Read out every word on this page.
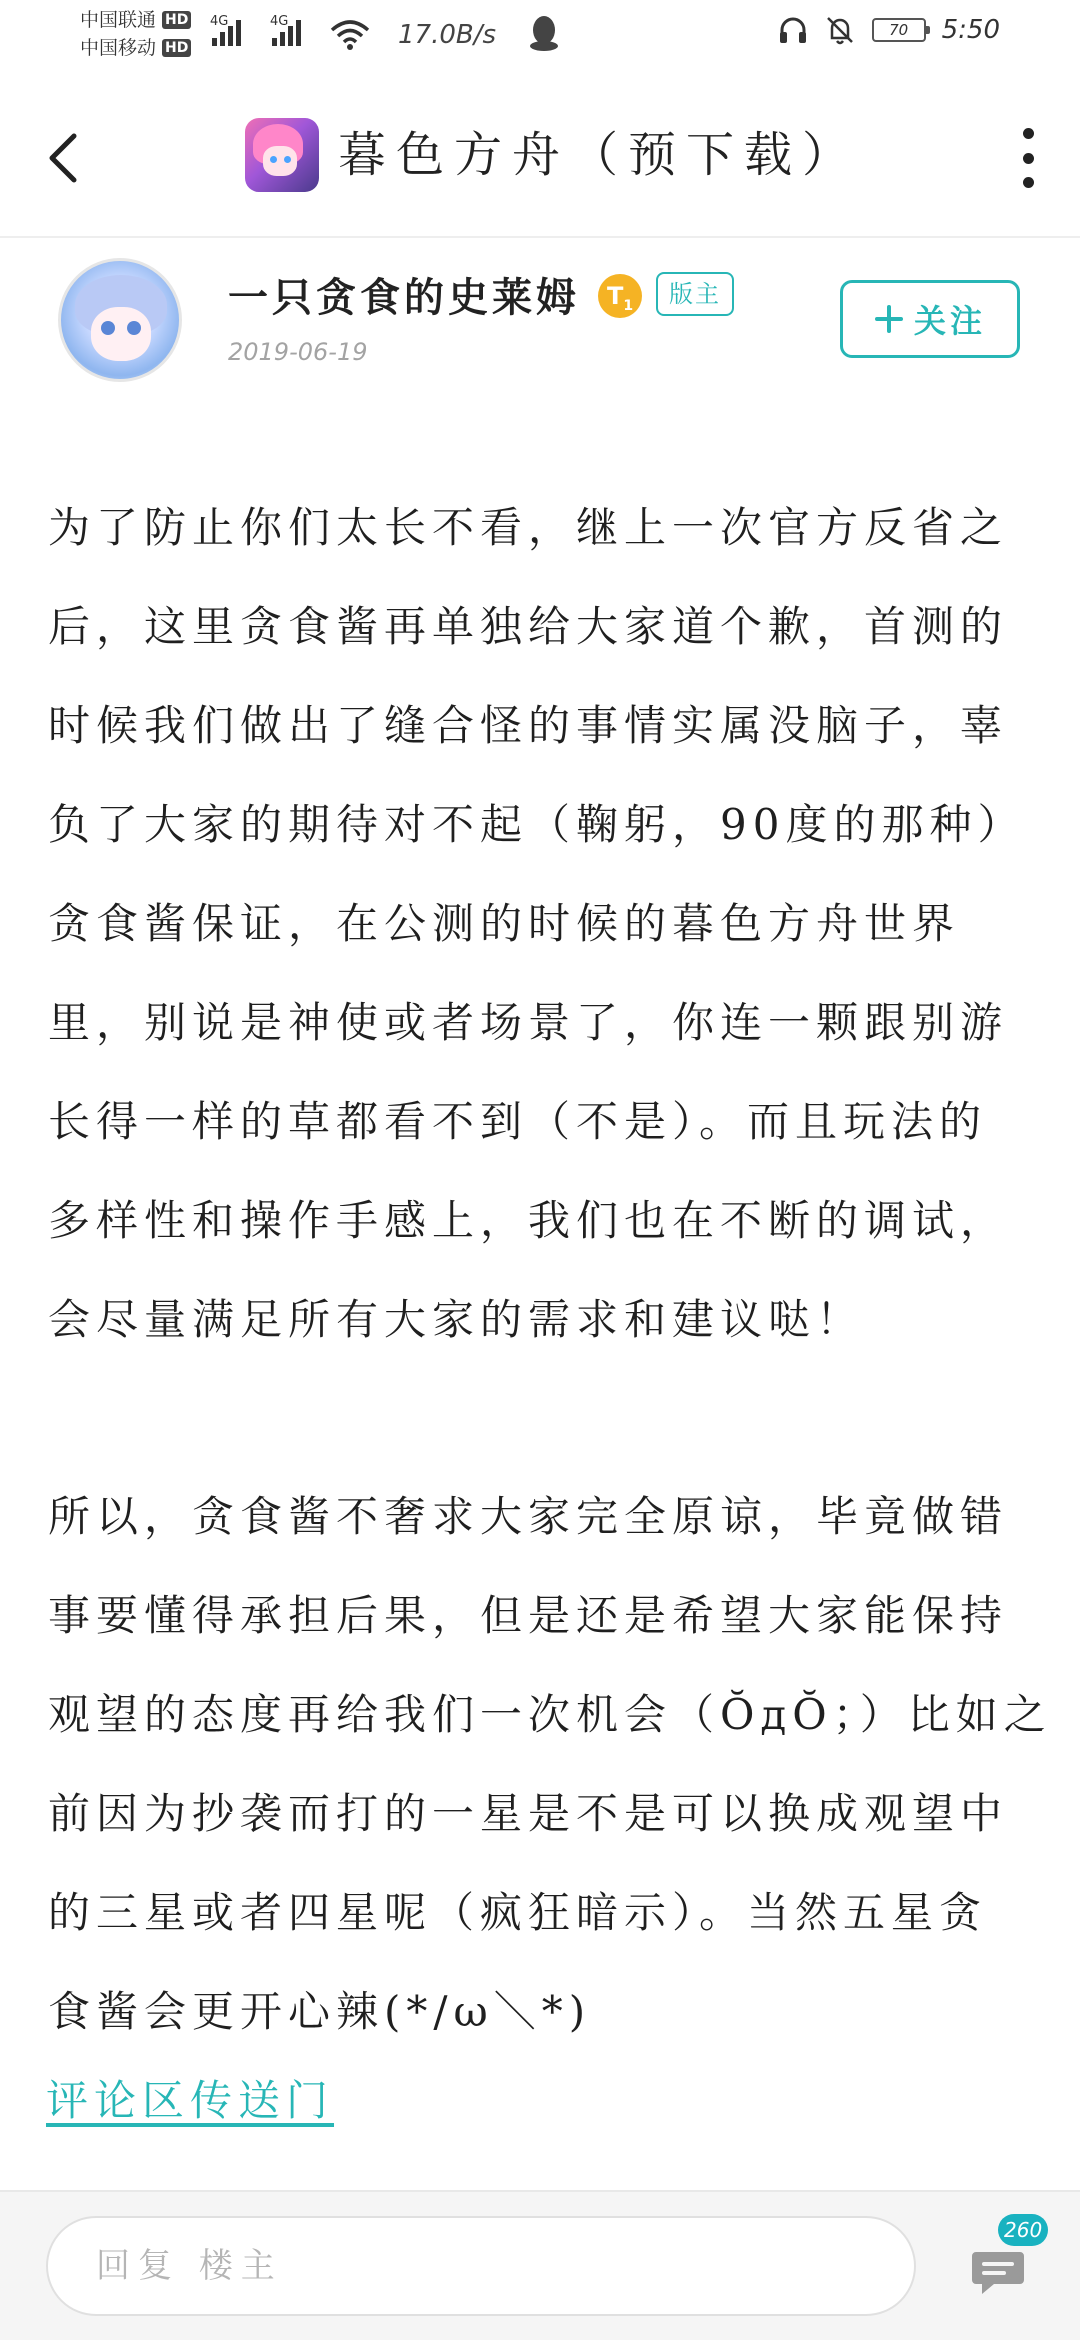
中国联通 HD
中国移动 HD
4G	4G	17.0B/s	70	5:50
暮色方舟（预下载）
一只贪食的史莱姆	$T_1$	版主
2019-06-19
关注
为了防止你们太长不看，继上一次官方反省之
后，这里贪食酱再单独给大家道个歉，首测的
时候我们做出了缝合怪的事情实属没脑子，辜
负了大家的期待对不起（鞠躬，90度的那种）
贪食酱保证，在公测的时候的暮色方舟世界
里，别说是神使或者场景了，你连一颗跟别游
长得一样的草都看不到（不是）。而且玩法的
多样性和操作手感上，我们也在不断的调试，
会尽量满足所有大家的需求和建议哒！
所以，贪食酱不奢求大家完全原谅，毕竟做错
事要懂得承担后果，但是还是希望大家能保持
观望的态度再给我们一次机会（ŎдŎ；）比如之
前因为抄袭而打的一星是不是可以换成观望中
的三星或者四星呢（疯狂暗示）。当然五星贪
食酱会更开心辣(*/ω＼*)
评论区传送门
回复 楼主
260
